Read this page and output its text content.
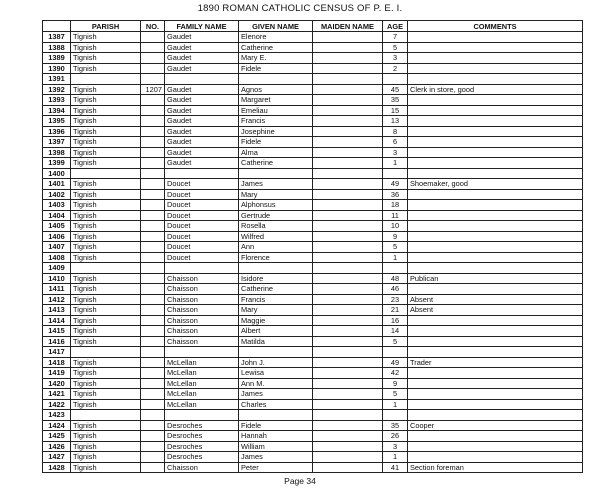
1890 ROMAN CATHOLIC CENSUS OF P. E. I.
	PARISH	NO.	FAMILY NAME	GIVEN NAME	MAIDEN NAME	AGE	COMMENTS
1387	Tignish		Gaudet	Elenore		7	
1388	Tignish		Gaudet	Catherine		5	
1389	Tignish		Gaudet	Mary E.		3	
1390	Tignish		Gaudet	Fidele		2	
1391							
1392	Tignish	1207	Gaudet	Agnos		45	Clerk in store, good
1393	Tignish		Gaudet	Margaret		35	
1394	Tignish		Gaudet	Emeliau		15	
1395	Tignish		Gaudet	Francis		13	
1396	Tignish		Gaudet	Josephine		8	
1397	Tignish		Gaudet	Fidele		6	
1398	Tignish		Gaudet	Alma		3	
1399	Tignish		Gaudet	Catherine		1	
1400							
1401	Tignish		Doucet	James		49	Shoemaker, good
1402	Tignish		Doucet	Mary		36	
1403	Tignish		Doucet	Alphonsus		18	
1404	Tignish		Doucet	Gertrude		11	
1405	Tignish		Doucet	Rosella		10	
1406	Tignish		Doucet	Wilfred		9	
1407	Tignish		Doucet	Ann		5	
1408	Tignish		Doucet	Florence		1	
1409							
1410	Tignish		Chaisson	Isidore		48	Publican
1411	Tignish		Chaisson	Catherine		46	
1412	Tignish		Chaisson	Francis		23	Absent
1413	Tignish		Chaisson	Mary		21	Absent
1414	Tignish		Chaisson	Maggie		16	
1415	Tignish		Chaisson	Albert		14	
1416	Tignish		Chaisson	Matilda		5	
1417							
1418	Tignish		McLellan	John J.		49	Trader
1419	Tignish		McLellan	Lewisa		42	
1420	Tignish		McLellan	Ann M.		9	
1421	Tignish		McLellan	James		5	
1422	Tignish		McLellan	Charles		1	
1423							
1424	Tignish		Desroches	Fidele		35	Cooper
1425	Tignish		Desroches	Hannah		26	
1426	Tignish		Desroches	William		3	
1427	Tignish		Desroches	James		1	
1428	Tignish		Chaisson	Peter		41	Section foreman
Page 34
